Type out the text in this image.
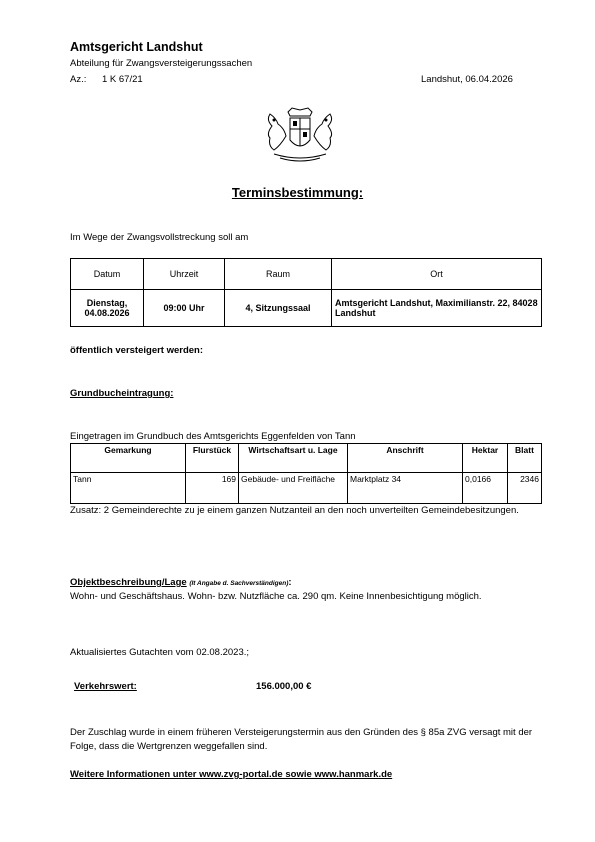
Amtsgericht Landshut
Abteilung für Zwangsversteigerungssachen
Az.: 1 K 67/21	Landshut, 06.04.2026
Terminsbestimmung:
Im Wege der Zwangsvollstreckung soll am
Datum	Uhrzeit	Raum	Ort

Dienstag,
04.08.2026	09:00 Uhr	4, Sitzungssaal	Amtsgericht Landshut, Maximilianstr. 22, 84028 Landshut
öffentlich versteigert werden:
Grundbucheintragung:
Eingetragen im Grundbuch des Amtsgerichts Eggenfelden von Tann
Gemarkung	Flurstück	Wirtschaftsart u. Lage	Anschrift	Hektar	Blatt
Tann	169	Gebäude- und Freifläche	Marktplatz 34	0,0166	2346
Zusatz: 2 Gemeinderechte zu je einem ganzen Nutzanteil an den noch unverteilten Gemeindebesitzungen.
Objektbeschreibung/Lage (lt Angabe d. Sachverständigen):
Wohn- und Geschäftshaus. Wohn- bzw. Nutzfläche ca. 290 qm. Keine Innenbesichtigung möglich.
Aktualisiertes Gutachten vom 02.08.2023.;
Verkehrswert:	156.000,00 €
Der Zuschlag wurde in einem früheren Versteigerungstermin aus den Gründen des § 85a ZVG versagt mit der Folge, dass die Wertgrenzen weggefallen sind.
Weitere Informationen unter www.zvg-portal.de sowie www.hanmark.de
